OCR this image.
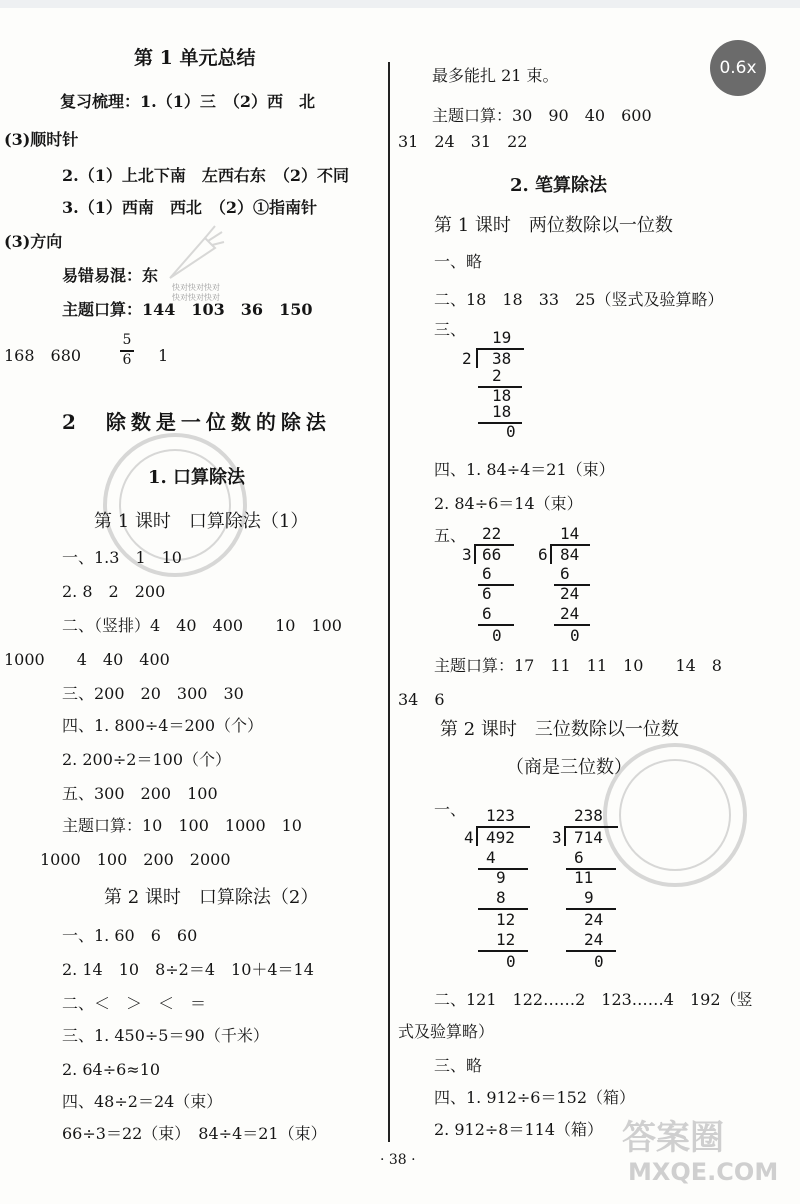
0.6x
快对快对快对
快对快对快对
答案圈
MXQE.COM
第 1 单元总结
复习梳理：1.（1）三　（2）西　北
(3)顺时针
2.（1）上北下南　左西右东　（2）不同
3.（1）西南　西北　（2）①指南针
(3)方向
易错易混：东
主题口算：144　103　36　150
168　680
5
6 1
2　除数是一位数的除法
1. 口算除法
第 1 课时　口算除法（1）
一、1.3　1　10
2. 8　2　200
二、（竖排）4　40　400　　10　100
1000　　4　40　400
三、200　20　300　30
四、1. 800÷4＝200（个）
2. 200÷2＝100（个）
五、300　200　100
主题口算：10　100　1000　10
1000　100　200　2000
第 2 课时　口算除法（2）
一、1. 60　6　60
2. 14　10　8÷2＝4　10＋4＝14
二、＜　＞　＜　＝
三、1. 450÷5＝90（千米）
2. 64÷6≈10
四、48÷2＝24（束）
66÷3＝22（束）　84÷4＝21（束）
最多能扎 21 束。
主题口算：30　90　40　600
31　24　31　22
2. 笔算除法
第 1 课时　两位数除以一位数
一、略
二、18　18　33　25（竖式及验算略）
三、 19
2 38
2
18
18
0
四、1. 84÷4＝21（束）
2. 84÷6＝14（束）
五、 22
3 66
6
6
6
0
14
6 84
6
24
24
0
主题口算：17　11　11　10　　14　8
34　6
第 2 课时　三位数除以一位数
（商是三位数）
一、 123
4 492
4
9
8
12
12
0
238
3 714
6
11
9
24
24
0
二、121　122……2　123……4　192（竖
式及验算略）
三、略
四、1. 912÷6＝152（箱）
2. 912÷8＝114（箱）
· 38 ·
